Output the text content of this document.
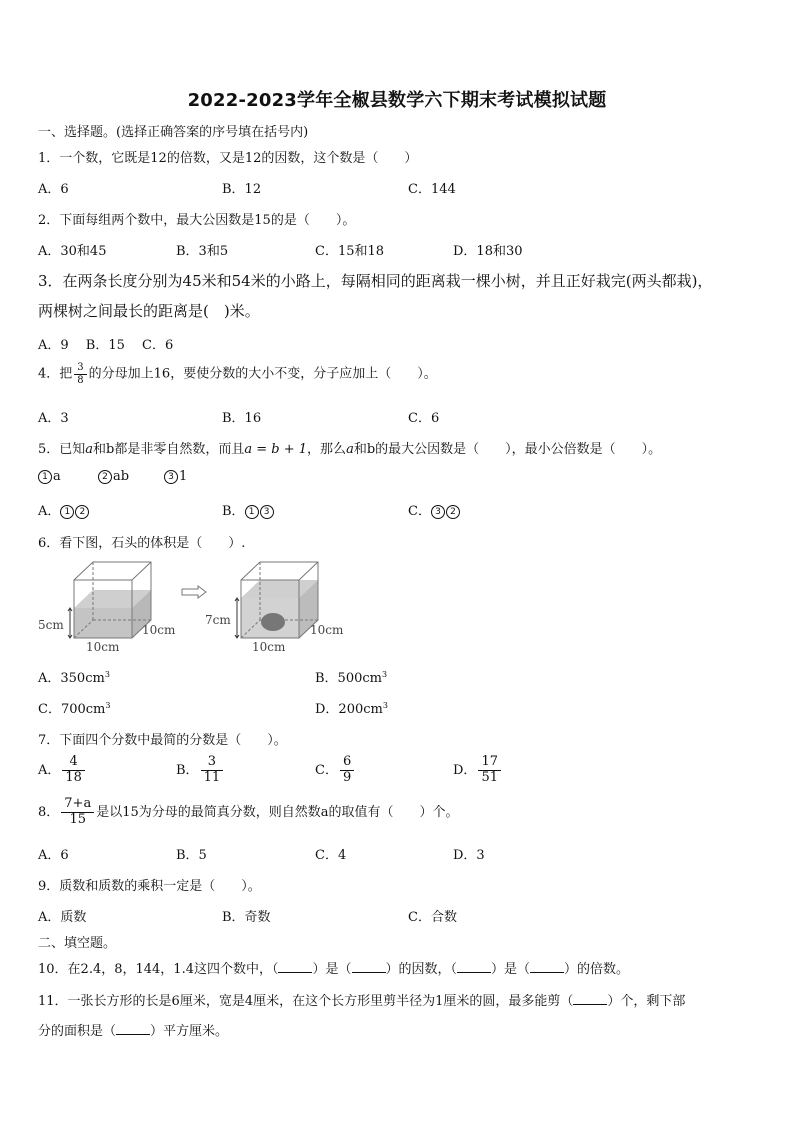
2022-2023学年全椒县数学六下期末考试模拟试题
一、选择题。(选择正确答案的序号填在括号内)
1．一个数，它既是12的倍数，又是12的因数，这个数是（　　）
A．6	B．12	C．144
2．下面每组两个数中，最大公因数是15的是（　　）。
A．30和45	B．3和5	C．15和18	D．18和30
3．在两条长度分别为45米和54米的小路上，每隔相同的距离栽一棵小树，并且正好栽完(两头都栽)，
两棵树之间最长的距离是(　)米。
A．9　 B．15　 C．6
4．把 $\frac{3}{8}$ 的分母加上16，要使分数的大小不变，分子应加上（　　）。
A．3	B．16	C．6
5．已知a和b都是非零自然数，而且a = b + 1，那么a和b的最大公因数是（　　），最小公倍数是（　　）。
1 a	2 ab	3 1
A． 1 2	B． 1 3	C． 3 2
6．看下图，石头的体积是（　　）.
5cm
10cm
10cm
7cm
10cm
10cm
A．$350cm^3$	B．$500cm^3$
C．$700cm^3$	D．$200cm^3$
7．下面四个分数中最简的分数是（　　）。
A． $\frac{4}{18}$	B． $\frac{3}{11}$	C． $\frac{6}{9}$	D． $\frac{17}{51}$
8． $\frac{7+a}{15}$ 是以15为分母的最简真分数，则自然数a的取值有（　　）个。
A．6	B．5	C．4	D．3
9．质数和质数的乘积一定是（　　）。
A．质数	B．奇数	C．合数
二、填空题。
10．在2.4，8，144，1.4这四个数中，（	）是（	）的因数，（	）是（	）的倍数。
11．一张长方形的长是6厘米，宽是4厘米，在这个长方形里剪半径为1厘米的圆，最多能剪（	）个，剩下部
分的面积是（	）平方厘米。
